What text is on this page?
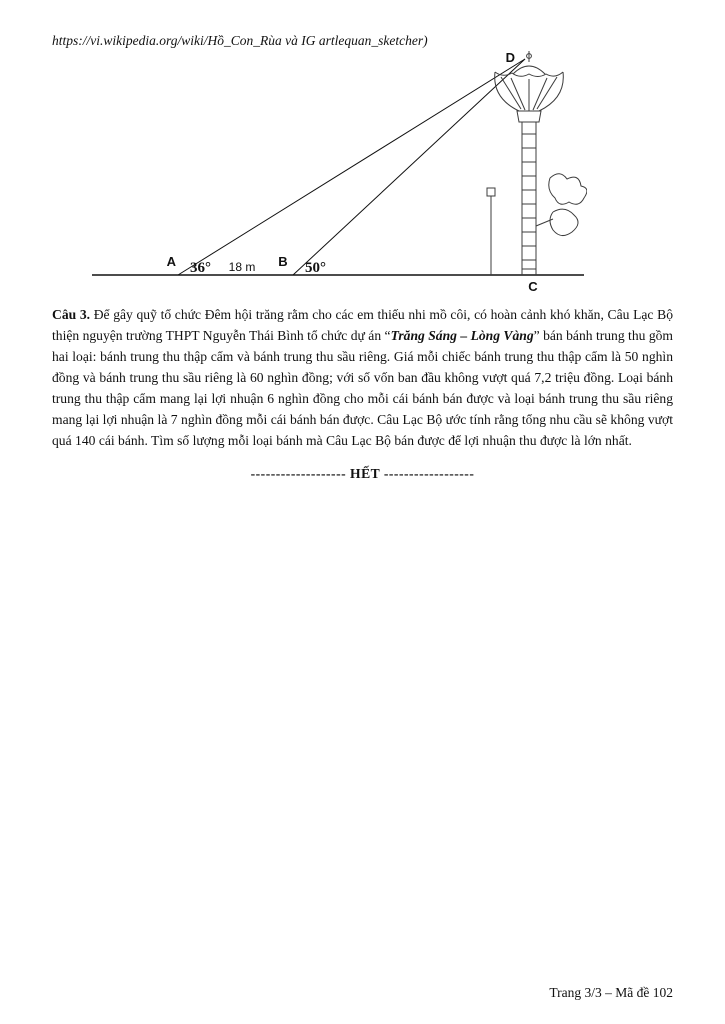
https://vi.wikipedia.org/wiki/Hồ_Con_Rùa và IG artlequan_sketcher)
A	B
C
D
36°	50°
18 m

Câu 3. Để gây quỹ tổ chức Đêm hội trăng rằm cho các em thiếu nhi mồ côi, có hoàn cảnh khó khăn, Câu Lạc Bộ thiện nguyện trường THPT Nguyễn Thái Bình tổ chức dự án “Trăng Sáng – Lòng Vàng” bán bánh trung thu gồm hai loại: bánh trung thu thập cẩm và bánh trung thu sầu riêng. Giá mỗi chiếc bánh trung thu thập cẩm là 50 nghìn đồng và bánh trung thu sầu riêng là 60 nghìn đồng; với số vốn ban đầu không vượt quá 7,2 triệu đồng. Loại bánh trung thu thập cẩm mang lại lợi nhuận 6 nghìn đồng cho mỗi cái bánh bán được và loại bánh trung thu sầu riêng mang lại lợi nhuận là 7 nghìn đồng mỗi cái bánh bán được. Câu Lạc Bộ ước tính rằng tổng nhu cầu sẽ không vượt quá 140 cái bánh. Tìm số lượng mỗi loại bánh mà Câu Lạc Bộ bán được để lợi nhuận thu được là lớn nhất.

------------------- HẾT ------------------
Trang 3/3 – Mã đề 102
